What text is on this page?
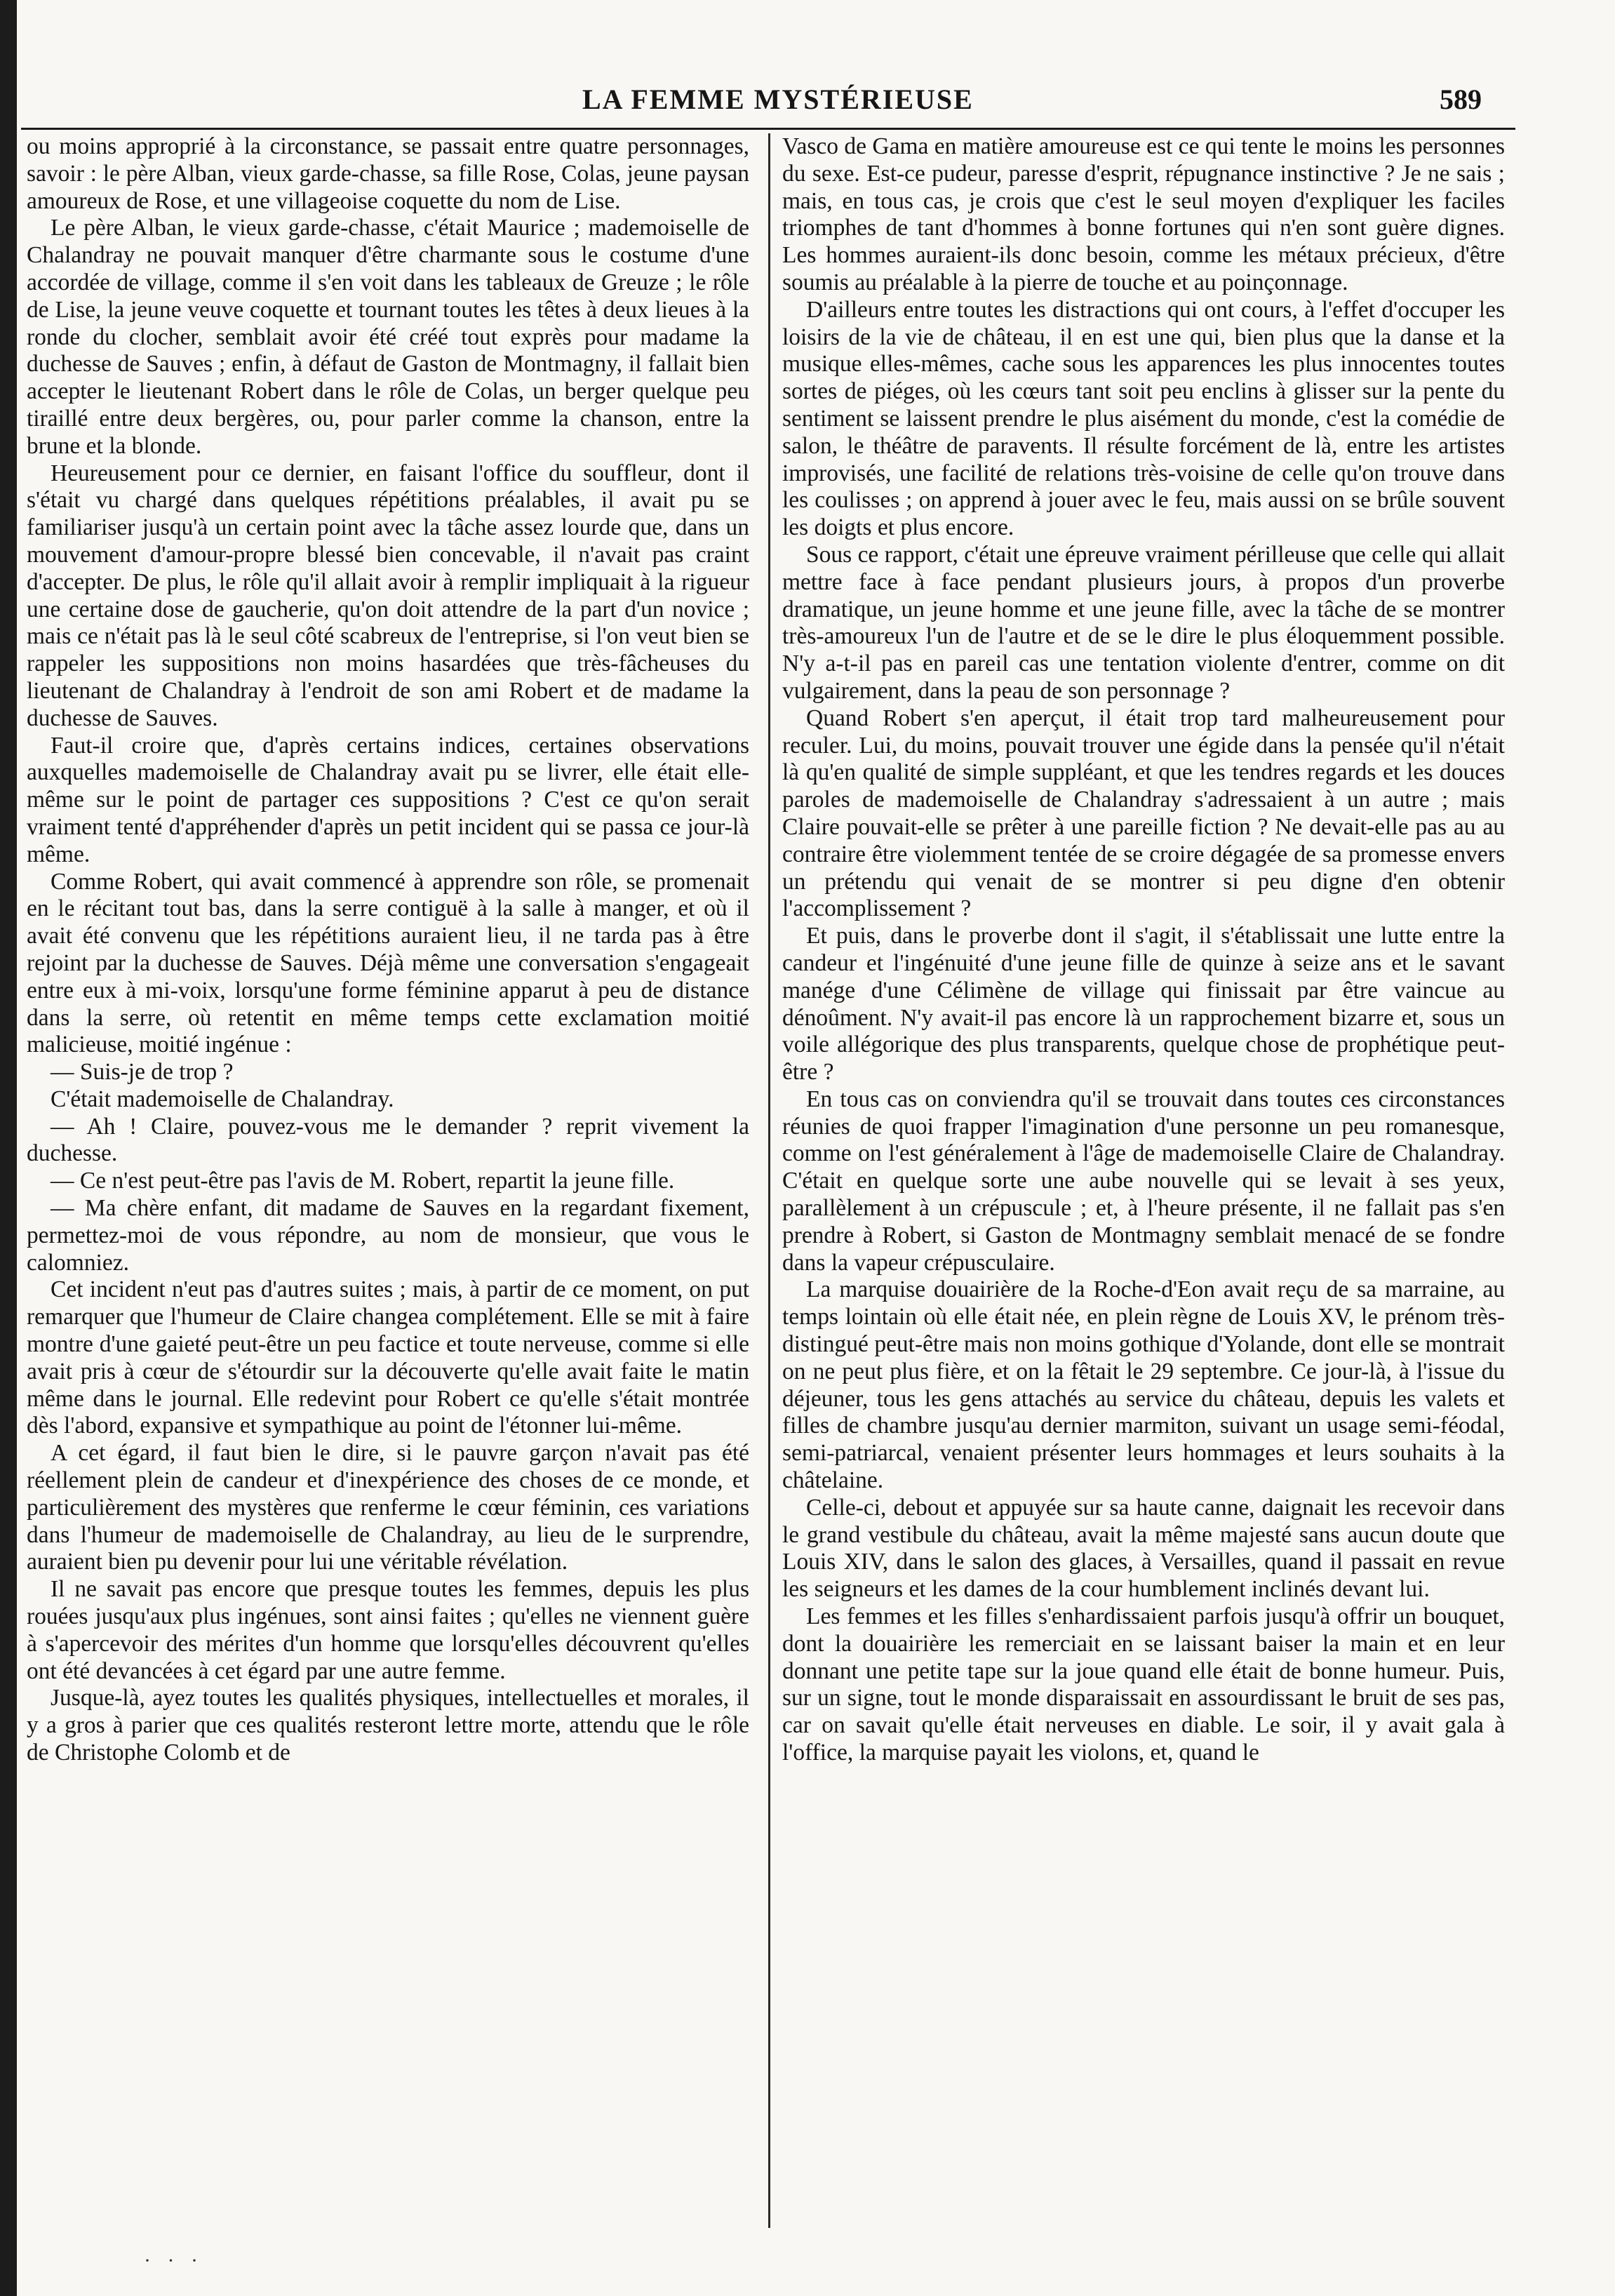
LA FEMME MYSTÉRIEUSE	589

ou moins approprié à la circonstance, se passait entre quatre personnages, savoir : le père Alban, vieux garde-chasse, sa fille Rose, Colas, jeune paysan amoureux de Rose, et une villageoise coquette du nom de Lise.

Le père Alban, le vieux garde-chasse, c'était Maurice ; mademoiselle de Chalandray ne pouvait manquer d'être charmante sous le costume d'une accordée de village, comme il s'en voit dans les tableaux de Greuze ; le rôle de Lise, la jeune veuve coquette et tournant toutes les têtes à deux lieues à la ronde du clocher, semblait avoir été créé tout exprès pour madame la duchesse de Sauves ; enfin, à défaut de Gaston de Montmagny, il fallait bien accepter le lieutenant Robert dans le rôle de Colas, un berger quelque peu tiraillé entre deux bergères, ou, pour parler comme la chanson, entre la brune et la blonde.

Heureusement pour ce dernier, en faisant l'office du souffleur, dont il s'était vu chargé dans quelques répétitions préalables, il avait pu se familiariser jusqu'à un certain point avec la tâche assez lourde que, dans un mouvement d'amour-propre blessé bien concevable, il n'avait pas craint d'accepter. De plus, le rôle qu'il allait avoir à remplir impliquait à la rigueur une certaine dose de gaucherie, qu'on doit attendre de la part d'un novice ; mais ce n'était pas là le seul côté scabreux de l'entreprise, si l'on veut bien se rappeler les suppositions non moins hasardées que très-fâcheuses du lieutenant de Chalandray à l'endroit de son ami Robert et de madame la duchesse de Sauves.

Faut-il croire que, d'après certains indices, certaines observations auxquelles mademoiselle de Chalandray avait pu se livrer, elle était elle-même sur le point de partager ces suppositions ? C'est ce qu'on serait vraiment tenté d'appréhender d'après un petit incident qui se passa ce jour-là même.

Comme Robert, qui avait commencé à apprendre son rôle, se promenait en le récitant tout bas, dans la serre contiguë à la salle à manger, et où il avait été convenu que les répétitions auraient lieu, il ne tarda pas à être rejoint par la duchesse de Sauves. Déjà même une conversation s'engageait entre eux à mi-voix, lorsqu'une forme féminine apparut à peu de distance dans la serre, où retentit en même temps cette exclamation moitié malicieuse, moitié ingénue :

— Suis-je de trop ?

C'était mademoiselle de Chalandray.

— Ah ! Claire, pouvez-vous me le demander ? reprit vivement la duchesse.

— Ce n'est peut-être pas l'avis de M. Robert, repartit la jeune fille.

— Ma chère enfant, dit madame de Sauves en la regardant fixement, permettez-moi de vous répondre, au nom de monsieur, que vous le calomniez.

Cet incident n'eut pas d'autres suites ; mais, à partir de ce moment, on put remarquer que l'humeur de Claire changea complétement. Elle se mit à faire montre d'une gaieté peut-être un peu factice et toute nerveuse, comme si elle avait pris à cœur de s'étourdir sur la découverte qu'elle avait faite le matin même dans le journal. Elle redevint pour Robert ce qu'elle s'était montrée dès l'abord, expansive et sympathique au point de l'étonner lui-même.

A cet égard, il faut bien le dire, si le pauvre garçon n'avait pas été réellement plein de candeur et d'inexpérience des choses de ce monde, et particulièrement des mystères que renferme le cœur féminin, ces variations dans l'humeur de mademoiselle de Chalandray, au lieu de le surprendre, auraient bien pu devenir pour lui une véritable révélation.

Il ne savait pas encore que presque toutes les femmes, depuis les plus rouées jusqu'aux plus ingénues, sont ainsi faites ; qu'elles ne viennent guère à s'apercevoir des mérites d'un homme que lorsqu'elles découvrent qu'elles ont été devancées à cet égard par une autre femme.

Jusque-là, ayez toutes les qualités physiques, intellectuelles et morales, il y a gros à parier que ces qualités resteront lettre morte, attendu que le rôle de Christophe Colomb et de

Vasco de Gama en matière amoureuse est ce qui tente le moins les personnes du sexe. Est-ce pudeur, paresse d'esprit, répugnance instinctive ? Je ne sais ; mais, en tous cas, je crois que c'est le seul moyen d'expliquer les faciles triomphes de tant d'hommes à bonne fortunes qui n'en sont guère dignes. Les hommes auraient-ils donc besoin, comme les métaux précieux, d'être soumis au préalable à la pierre de touche et au poinçonnage.

D'ailleurs entre toutes les distractions qui ont cours, à l'effet d'occuper les loisirs de la vie de château, il en est une qui, bien plus que la danse et la musique elles-mêmes, cache sous les apparences les plus innocentes toutes sortes de piéges, où les cœurs tant soit peu enclins à glisser sur la pente du sentiment se laissent prendre le plus aisément du monde, c'est la comédie de salon, le théâtre de paravents. Il résulte forcément de là, entre les artistes improvisés, une facilité de relations très-voisine de celle qu'on trouve dans les coulisses ; on apprend à jouer avec le feu, mais aussi on se brûle souvent les doigts et plus encore.

Sous ce rapport, c'était une épreuve vraiment périlleuse que celle qui allait mettre face à face pendant plusieurs jours, à propos d'un proverbe dramatique, un jeune homme et une jeune fille, avec la tâche de se montrer très-amoureux l'un de l'autre et de se le dire le plus éloquemment possible. N'y a-t-il pas en pareil cas une tentation violente d'entrer, comme on dit vulgairement, dans la peau de son personnage ?

Quand Robert s'en aperçut, il était trop tard malheureusement pour reculer. Lui, du moins, pouvait trouver une égide dans la pensée qu'il n'était là qu'en qualité de simple suppléant, et que les tendres regards et les douces paroles de mademoiselle de Chalandray s'adressaient à un autre ; mais Claire pouvait-elle se prêter à une pareille fiction ? Ne devait-elle pas au au contraire être violemment tentée de se croire dégagée de sa promesse envers un prétendu qui venait de se montrer si peu digne d'en obtenir l'accomplissement ?

Et puis, dans le proverbe dont il s'agit, il s'établissait une lutte entre la candeur et l'ingénuité d'une jeune fille de quinze à seize ans et le savant manége d'une Célimène de village qui finissait par être vaincue au dénoûment. N'y avait-il pas encore là un rapprochement bizarre et, sous un voile allégorique des plus transparents, quelque chose de prophétique peut-être ?

En tous cas on conviendra qu'il se trouvait dans toutes ces circonstances réunies de quoi frapper l'imagination d'une personne un peu romanesque, comme on l'est généralement à l'âge de mademoiselle Claire de Chalandray. C'était en quelque sorte une aube nouvelle qui se levait à ses yeux, parallèlement à un crépuscule ; et, à l'heure présente, il ne fallait pas s'en prendre à Robert, si Gaston de Montmagny semblait menacé de se fondre dans la vapeur crépusculaire.

La marquise douairière de la Roche-d'Eon avait reçu de sa marraine, au temps lointain où elle était née, en plein règne de Louis XV, le prénom très-distingué peut-être mais non moins gothique d'Yolande, dont elle se montrait on ne peut plus fière, et on la fêtait le 29 septembre. Ce jour-là, à l'issue du déjeuner, tous les gens attachés au service du château, depuis les valets et filles de chambre jusqu'au dernier marmiton, suivant un usage semi-féodal, semi-patriarcal, venaient présenter leurs hommages et leurs souhaits à la châtelaine.

Celle-ci, debout et appuyée sur sa haute canne, daignait les recevoir dans le grand vestibule du château, avait la même majesté sans aucun doute que Louis XIV, dans le salon des glaces, à Versailles, quand il passait en revue les seigneurs et les dames de la cour humblement inclinés devant lui.

Les femmes et les filles s'enhardissaient parfois jusqu'à offrir un bouquet, dont la douairière les remerciait en se laissant baiser la main et en leur donnant une petite tape sur la joue quand elle était de bonne humeur. Puis, sur un signe, tout le monde disparaissait en assourdissant le bruit de ses pas, car on savait qu'elle était nerveuses en diable. Le soir, il y avait gala à l'office, la marquise payait les violons, et, quand le

· · ·
